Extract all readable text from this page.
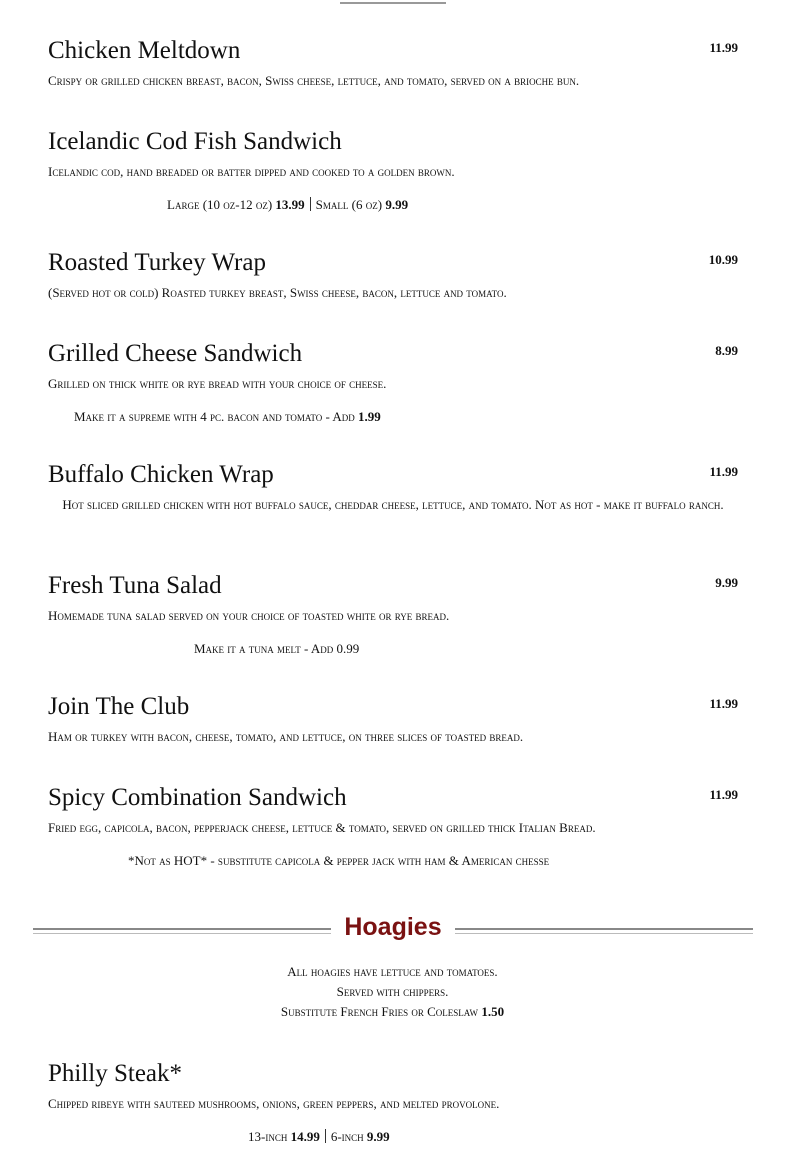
Chicken Meltdown	11.99
Crispy or grilled chicken breast, bacon, Swiss cheese, lettuce, and tomato, served on a brioche bun.
Icelandic Cod Fish Sandwich
Icelandic cod, hand breaded or batter dipped and cooked to a golden brown.
Large (10 oz-12 oz) 13.99 Small (6 oz) 9.99
Roasted Turkey Wrap	10.99
(Served hot or cold) Roasted turkey breast, Swiss cheese, bacon, lettuce and tomato.
Grilled Cheese Sandwich	8.99
Grilled on thick white or rye bread with your choice of cheese.
Make it a supreme with 4 pc. bacon and tomato - Add 1.99
Buffalo Chicken Wrap	11.99
Hot sliced grilled chicken with hot buffalo sauce, cheddar cheese, lettuce, and tomato. Not as hot - make it buffalo ranch.
Fresh Tuna Salad	9.99
Homemade tuna salad served on your choice of toasted white or rye bread.
Make it a tuna melt - Add 0.99
Join The Club	11.99
Ham or turkey with bacon, cheese, tomato, and lettuce, on three slices of toasted bread.
Spicy Combination Sandwich	11.99
Fried egg, capicola, bacon, pepperjack cheese, lettuce & tomato, served on grilled thick Italian Bread.
*Not as HOT* - substitute capicola & pepper jack with ham & American chesse
Hoagies
All hoagies have lettuce and tomatoes.
Served with chippers.
Substitute French Fries or Coleslaw 1.50
Philly Steak*
Chipped ribeye with sauteed mushrooms, onions, green peppers, and melted provolone.
13-inch 14.99 6-inch 9.99
